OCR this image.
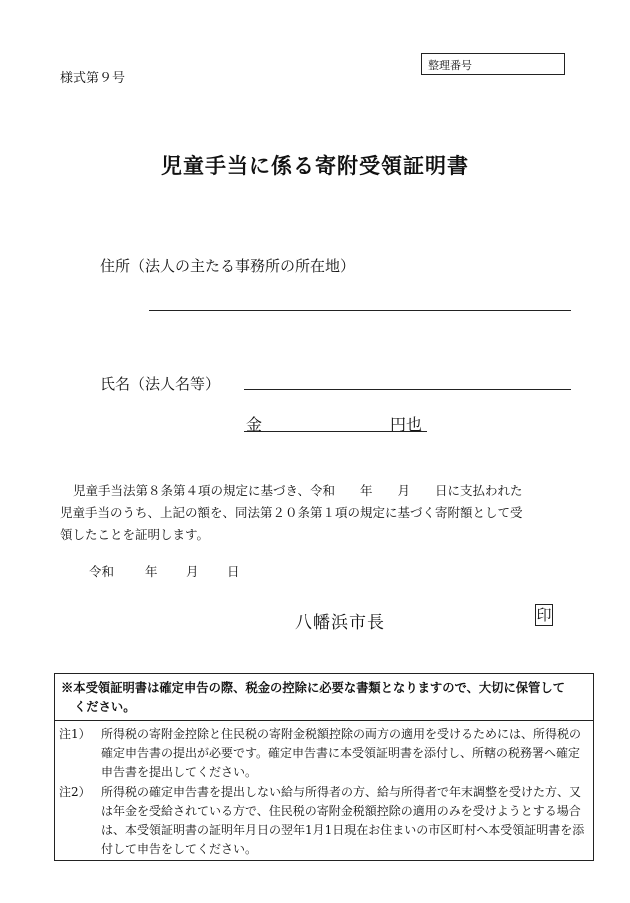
様式第９号
整理番号
児童手当に係る寄附受領証明書
住所（法人の主たる事務所の所在地）
氏名（法人名等）
金	円也

児童手当法第８条第４項の規定に基づき、令和　　年　　月　　日に支払われた

児童手当のうち、上記の額を、同法第２０条第１項の規定に基づく寄附額として受
領したことを証明します。
令和 年 月 日
八幡浜市長	印
※本受領証明書は確定申告の際、税金の控除に必要な書類となりますので、大切に保管して
ください。
注1） 所得税の寄附金控除と住民税の寄附金税額控除の両方の適用を受けるためには、所得税の確定申告書の提出が必要です。確定申告書に本受領証明書を添付し、所轄の税務署へ確定申告書を提出してください。
注2） 所得税の確定申告書を提出しない給与所得者の方、給与所得者で年末調整を受けた方、又は年金を受給されている方で、住民税の寄附金税額控除の適用のみを受けようとする場合は、本受領証明書の証明年月日の翌年1月1日現在お住まいの市区町村へ本受領証明書を添付して申告をしてください。
